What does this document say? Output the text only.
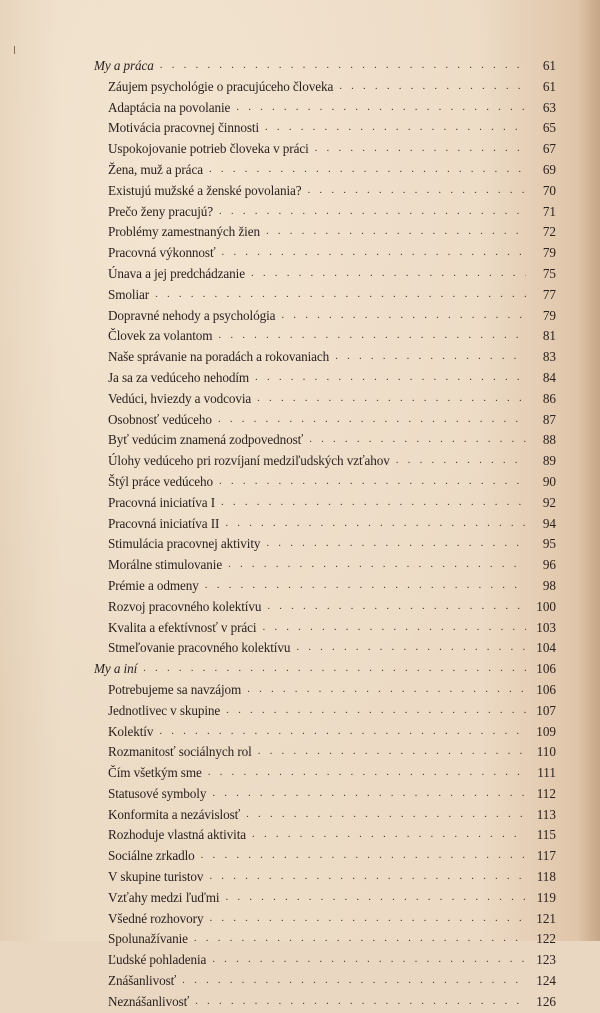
My a práca . . .	61
Záujem psychológie o pracujúceho človeka . . .	61
Adaptácia na povolanie . . .	63
Motivácia pracovnej činnosti . . .	65
Uspokojovanie potrieb človeka v práci . . .	67
Žena, muž a práca . . .	69
Existujú mužské a ženské povolania? . . .	70
Prečo ženy pracujú? . . .	71
Problémy zamestnaných žien . . .	72
Pracovná výkonnosť . . .	79
Únava a jej predchádzanie . . .	75
Smoliar . . .	77
Dopravné nehody a psychológia . . .	79
Človek za volantom . . .	81
Naše správanie na poradách a rokovaniach . . .	83
Ja sa za vedúceho nehodím . . .	84
Vedúci, hviezdy a vodcovia . . .	86
Osobnosť vedúceho . . .	87
Byť vedúcim znamená zodpovednosť . . .	88
Úlohy vedúceho pri rozvíjaní medziľudských vzťahov . . .	89
Štýl práce vedúceho . . .	90
Pracovná iniciatíva I . . .	92
Pracovná iniciatíva II . . .	94
Stimulácia pracovnej aktivity . . .	95
Morálne stimulovanie . . .	96
Prémie a odmeny . . .	98
Rozvoj pracovného kolektívu . . .	100
Kvalita a efektívnosť v práci . . .	103
Stmeľovanie pracovného kolektívu . . .	104
My a iní . . .	106
Potrebujeme sa navzájom . . .	106
Jednotlivec v skupine . . .	107
Kolektív . . .	109
Rozmanitosť sociálnych rol . . .	110
Čím všetkým sme . . .	111
Statusové symboly . . .	112
Konformita a nezávislosť . . .	113
Rozhoduje vlastná aktivita . . .	115
Sociálne zrkadlo . . .	117
V skupine turistov . . .	118
Vzťahy medzi ľuďmi . . .	119
Všedné rozhovory . . .	121
Spolunažívanie . . .	122
Ľudské pohladenia . . .	123
Znášanlivosť . . .	124
Neznášanlivosť . . .	126
